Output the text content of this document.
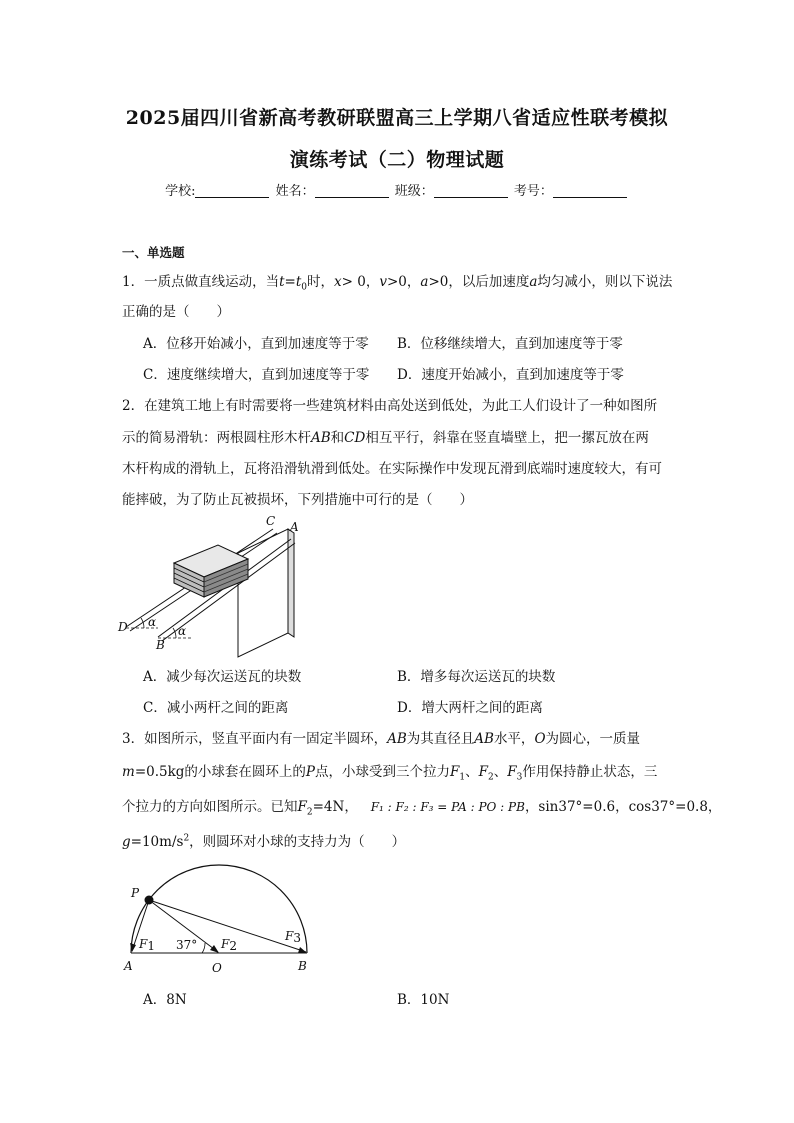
2025届四川省新高考教研联盟高三上学期八省适应性联考模拟
演练考试（二）物理试题
学校:	姓名：	班级：	考号：
一、单选题
1．一质点做直线运动，当$t=t_0$时，x> 0，v>0，a>0，以后加速度a均匀减小，则以下说法
正确的是（　　）
A．位移开始减小，直到加速度等于零 B．位移继续增大，直到加速度等于零
C．速度继续增大，直到加速度等于零 D．速度开始减小，直到加速度等于零
2．在建筑工地上有时需要将一些建筑材料由高处送到低处，为此工人们设计了一种如图所
示的简易滑轨：两根圆柱形木杆AB和CD相互平行，斜靠在竖直墙壁上，把一摞瓦放在两
木杆构成的滑轨上，瓦将沿滑轨滑到低处。在实际操作中发现瓦滑到底端时速度较大，有可
能摔破，为了防止瓦被损坏，下列措施中可行的是（　　）
C A
D
B
α
α
A．减少每次运送瓦的块数	B．增多每次运送瓦的块数
C．减小两杆之间的距离	D．增大两杆之间的距离
3．如图所示，竖直平面内有一固定半圆环，AB为其直径且AB水平，O为圆心，一质量
m=0.5kg的小球套在圆环上的P点，小球受到三个拉力$F_1$、$F_2$、$F_3$作用保持静止状态，三
个拉力的方向如图所示。已知$F_2=4N$， F₁ : F₂ : F₃ = PA : PO : PB，sin37°=0.6，cos37°=0.8，
$g=10m/s^2$，则圆环对小球的支持力为（　　）
P
A	O	B
F1	F2
F3
37°
A．8N	B．10N
